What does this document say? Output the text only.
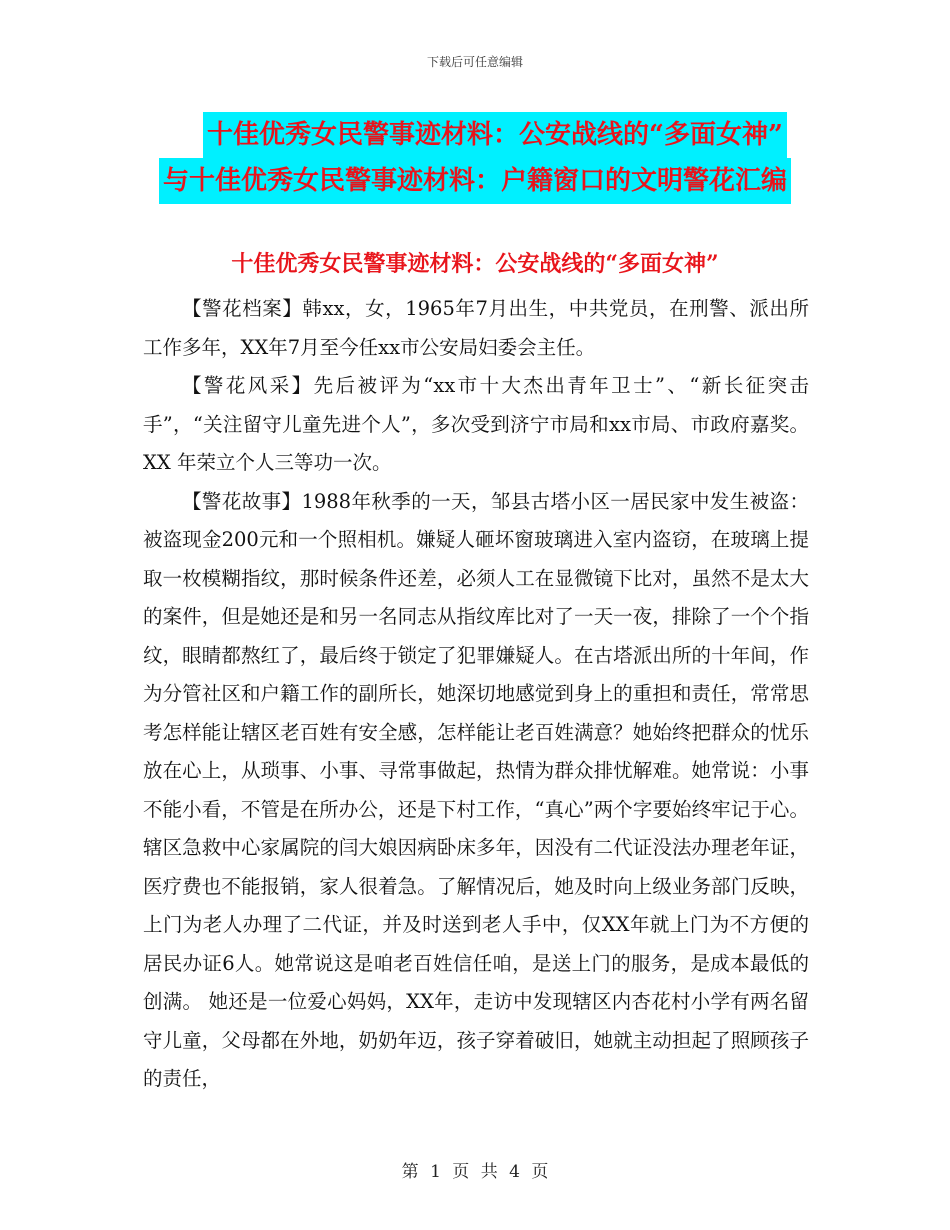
下载后可任意编辑
十佳优秀女民警事迹材料：公安战线的“多面女神”
与十佳优秀女民警事迹材料：户籍窗口的文明警花汇编
十佳优秀女民警事迹材料：公安战线的“多面女神”

【警花档案】韩xx，女，1965年7月出生，中共党员，在刑警、派出所工作多年，XX年7月至今任xx市公安局妇委会主任。

【警花风采】先后被评为“xx市十大杰出青年卫士”、“新长征突击手”，“关注留守儿童先进个人”，多次受到济宁市局和xx市局、市政府嘉奖。XX 年荣立个人三等功一次。

【警花故事】1988年秋季的一天，邹县古塔小区一居民家中发生被盗：被盗现金200元和一个照相机。嫌疑人砸坏窗玻璃进入室内盗窃，在玻璃上提取一枚模糊指纹，那时候条件还差，必须人工在显微镜下比对，虽然不是太大的案件，但是她还是和另一名同志从指纹库比对了一天一夜，排除了一个个指纹，眼睛都熬红了，最后终于锁定了犯罪嫌疑人。在古塔派出所的十年间，作为分管社区和户籍工作的副所长，她深切地感觉到身上的重担和责任，常常思考怎样能让辖区老百姓有安全感，怎样能让老百姓满意？她始终把群众的忧乐放在心上，从琐事、小事、寻常事做起，热情为群众排忧解难。她常说：小事不能小看，不管是在所办公，还是下村工作，“真心”两个字要始终牢记于心。辖区急救中心家属院的闫大娘因病卧床多年，因没有二代证没法办理老年证，医疗费也不能报销，家人很着急。了解情况后，她及时向上级业务部门反映，上门为老人办理了二代证，并及时送到老人手中，仅XX年就上门为不方便的居民办证6人。她常说这是咱老百姓信任咱，是送上门的服务，是成本最低的创满。 她还是一位爱心妈妈，XX年，走访中发现辖区内杏花村小学有两名留守儿童，父母都在外地，奶奶年迈，孩子穿着破旧，她就主动担起了照顾孩子的责任，

第 1 页 共 4 页
